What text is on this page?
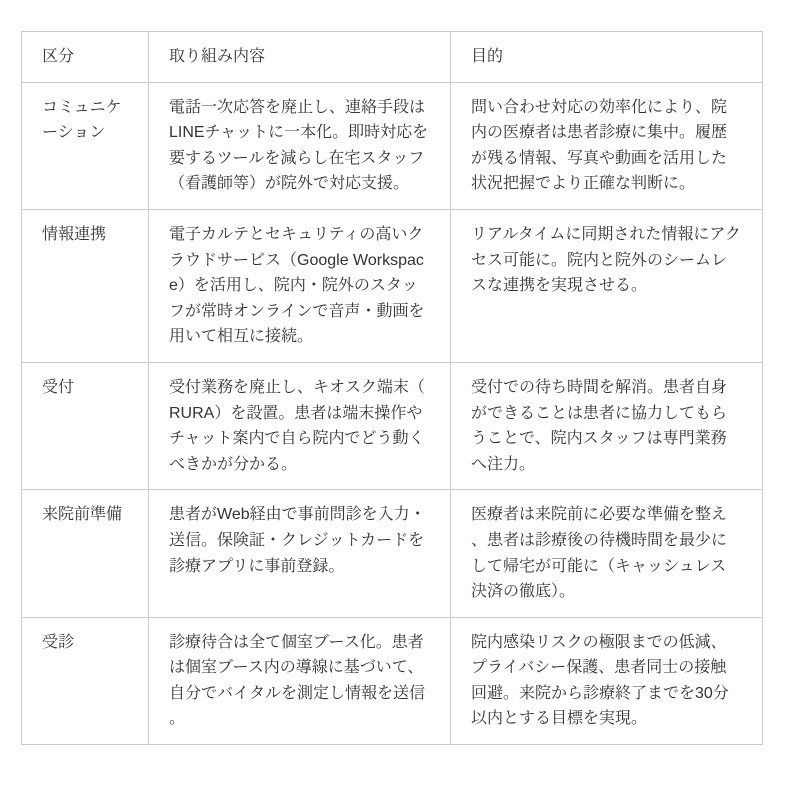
区分	取り組み内容	目的
コミュニケーション	電話一次応答を廃止し、連絡手段はLINEチャットに一本化。即時対応を要するツールを減らし在宅スタッフ（看護師等）が院外で対応支援。	問い合わせ対応の効率化により、院内の医療者は患者診療に集中。履歴が残る情報、写真や動画を活用した状況把握でより正確な判断に。
情報連携	電子カルテとセキュリティの高いクラウドサービス（Google Workspace）を活用し、院内・院外のスタッフが常時オンラインで音声・動画を用いて相互に接続。	リアルタイムに同期された情報にアクセス可能に。院内と院外のシームレスな連携を実現させる。
受付	受付業務を廃止し、キオスク端末（RURA）を設置。患者は端末操作やチャット案内で自ら院内でどう動くべきかが分かる。	受付での待ち時間を解消。患者自身ができることは患者に協力してもらうことで、院内スタッフは専門業務へ注力。
来院前準備	患者がWeb経由で事前問診を入力・送信。保険証・クレジットカードを診療アプリに事前登録。	医療者は来院前に必要な準備を整え、患者は診療後の待機時間を最少にして帰宅が可能に（キャッシュレス決済の徹底）。
受診	診療待合は全て個室ブース化。患者は個室ブース内の導線に基づいて、自分でバイタルを測定し情報を送信。	院内感染リスクの極限までの低減、プライバシー保護、患者同士の接触回避。来院から診療終了までを30分以内とする目標を実現。
